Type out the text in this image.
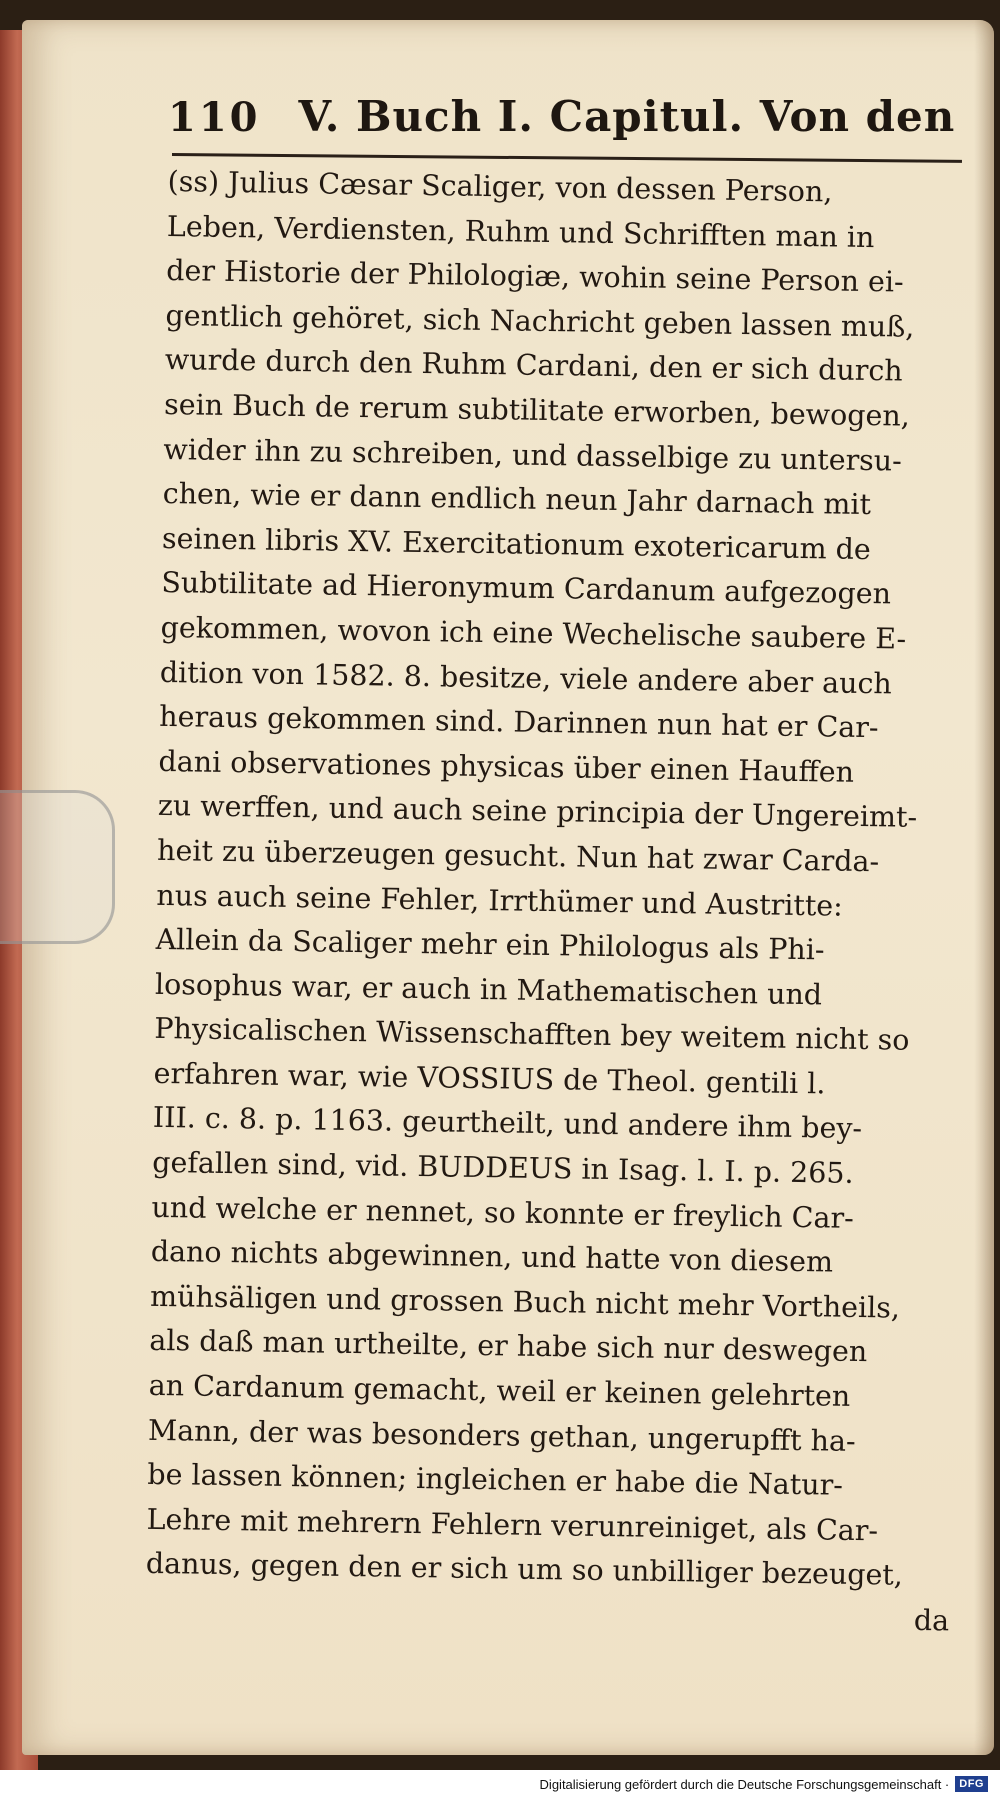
110 V. Buch I. Capitul. Von den
(ss) Julius Cæsar Scaliger, von dessen Person,
Leben, Verdiensten, Ruhm und Schrifften man in
der Historie der Philologiæ, wohin seine Person ei-
gentlich gehöret, sich Nachricht geben lassen muß,
wurde durch den Ruhm Cardani, den er sich durch
sein Buch de rerum subtilitate erworben, bewogen,
wider ihn zu schreiben, und dasselbige zu untersu-
chen, wie er dann endlich neun Jahr darnach mit
seinen libris XV. Exercitationum exotericarum de
Subtilitate ad Hieronymum Cardanum aufgezogen
gekommen, wovon ich eine Wechelische saubere E-
dition von 1582. 8. besitze, viele andere aber auch
heraus gekommen sind. Darinnen nun hat er Car-
dani observationes physicas über einen Hauffen
zu werffen, und auch seine principia der Ungereimt-
heit zu überzeugen gesucht. Nun hat zwar Carda-
nus auch seine Fehler, Irrthümer und Austritte:
Allein da Scaliger mehr ein Philologus als Phi-
losophus war, er auch in Mathematischen und
Physicalischen Wissenschafften bey weitem nicht so
erfahren war, wie VOSSIUS de Theol. gentili l.
III. c. 8. p. 1163. geurtheilt, und andere ihm bey-
gefallen sind, vid. BUDDEUS in Isag. l. I. p. 265.
und welche er nennet, so konnte er freylich Car-
dano nichts abgewinnen, und hatte von diesem
mühsäligen und grossen Buch nicht mehr Vortheils,
als daß man urtheilte, er habe sich nur deswegen
an Cardanum gemacht, weil er keinen gelehrten
Mann, der was besonders gethan, ungerupfft ha-
be lassen können; ingleichen er habe die Natur-
Lehre mit mehrern Fehlern verunreiniget, als Car-
danus, gegen den er sich um so unbilliger bezeuget,
da
Digitalisierung gefördert durch die Deutsche Forschungsgemeinschaft · DFG
